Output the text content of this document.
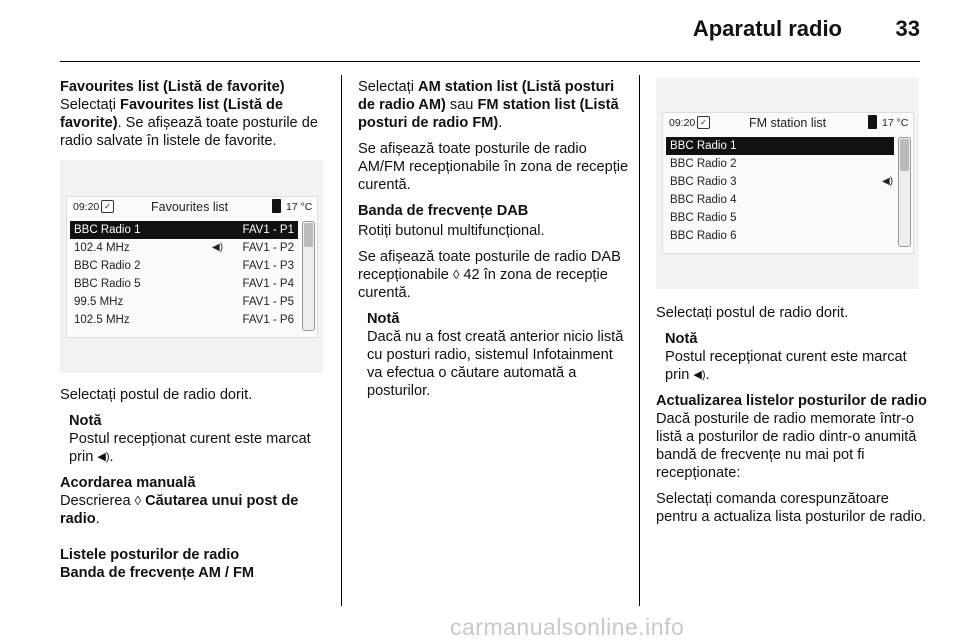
Aparatul radio 33

Favourites list (Listă de favorite)

Selectați Favourites list (Listă de favorite). Se afișează toate posturile de radio salvate în listele de favorite.

09:20 ✓	Favourites list	17 °C
BBC Radio 1	FAV1 - P1
102.4 MHz	◀) FAV1 - P2
BBC Radio 2	FAV1 - P3
BBC Radio 5	FAV1 - P4
99.5 MHz	FAV1 - P5
102.5 MHz	FAV1 - P6

Selectați postul de radio dorit.

Notă
Postul recepționat curent este marcat prin ◀).

Acordarea manuală

Descrierea ◊ Căutarea unui post de radio.

Listele posturilor de radio

Banda de frecvențe AM / FM

Selectați AM station list (Listă posturi de radio AM) sau FM station list (Listă posturi de radio FM).

Se afișează toate posturile de radio AM/FM recepționabile în zona de recepție curentă.

Banda de frecvențe DAB

Rotiți butonul multifuncțional.

Se afișează toate posturile de radio DAB recepționabile ◊ 42 în zona de recepție curentă.

Notă
Dacă nu a fost creată anterior nicio listă cu posturi radio, sistemul Infotainment va efectua o căutare automată a posturilor.
09:20 ✓	FM station list	17 °C
BBC Radio 1
BBC Radio 2
BBC Radio 3	◀)
BBC Radio 4
BBC Radio 5
BBC Radio 6

Selectați postul de radio dorit.

Notă
Postul recepționat curent este marcat prin ◀).

Actualizarea listelor posturilor de radio

Dacă posturile de radio memorate într-o listă a posturilor de radio dintr-o anumită bandă de frecvențe nu mai pot fi recepționate:

Selectați comanda corespunzătoare pentru a actualiza lista posturilor de radio.

carmanualsonline.info
